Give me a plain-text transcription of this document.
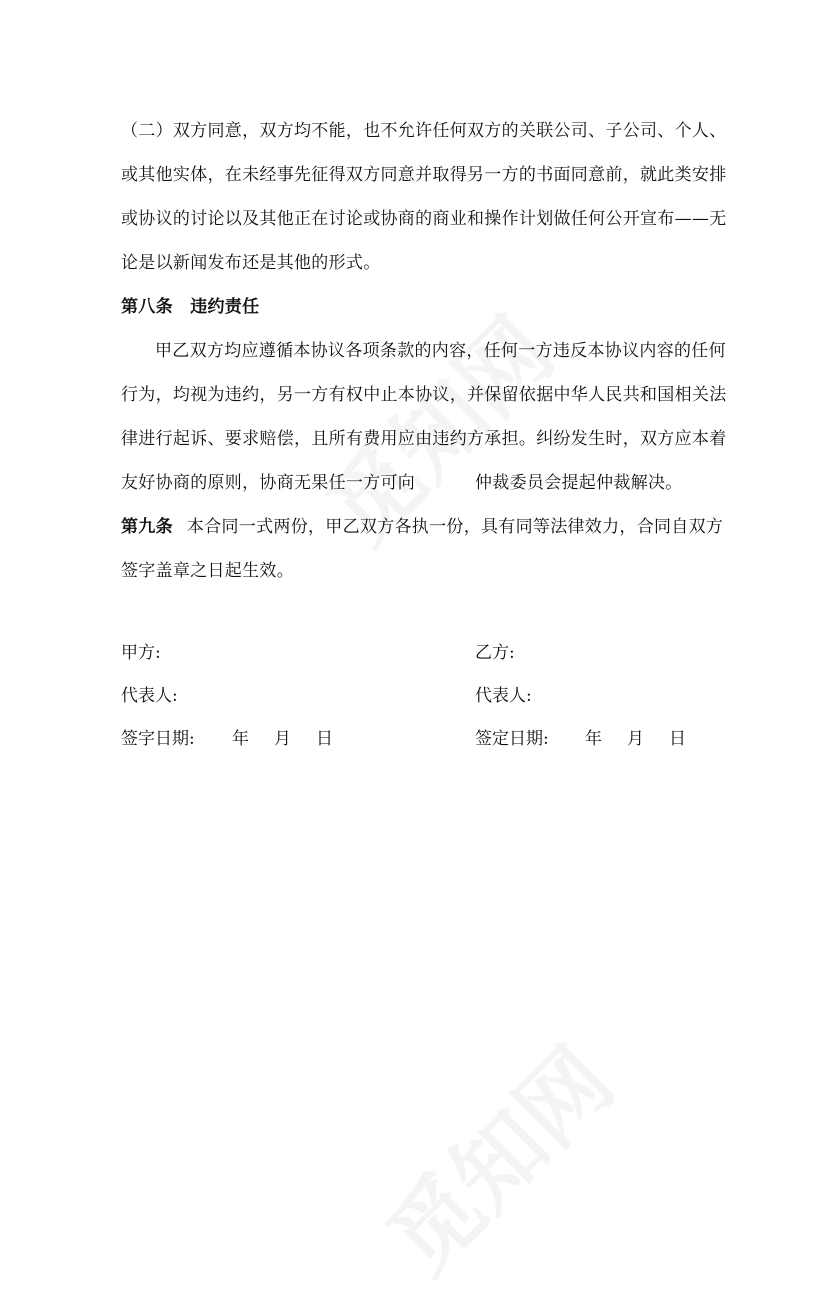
（二）双方同意，双方均不能，也不允许任何双方的关联公司、子公司、个人、
或其他实体，在未经事先征得双方同意并取得另一方的书面同意前，就此类安排
或协议的讨论以及其他正在讨论或协商的商业和操作计划做任何公开宣布——无
论是以新闻发布还是其他的形式。
第八条　违约责任
甲乙双方均应遵循本协议各项条款的内容，任何一方违反本协议内容的任何
行为，均视为违约，另一方有权中止本协议，并保留依据中华人民共和国相关法
律进行起诉、要求赔偿，且所有费用应由违约方承担。纠纷发生时，双方应本着
友好协商的原则，协商无果任一方可向	仲裁委员会提起仲裁解决。
第九条 本合同一式两份，甲乙双方各执一份，具有同等法律效力，合同自双方
签字盖章之日起生效。
甲方:	乙方:
代表人:	代表人:
签字日期: 年 月 日	签定日期: 年 月 日
